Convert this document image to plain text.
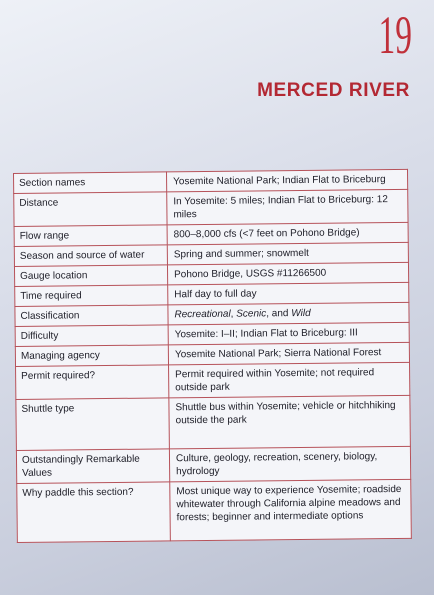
19
MERCED RIVER
Section names	Yosemite National Park; Indian Flat to Briceburg
Distance	In Yosemite: 5 miles; Indian Flat to Briceburg: 12 miles
Flow range	800–8,000 cfs (<7 feet on Pohono Bridge)
Season and source of water	Spring and summer; snowmelt
Gauge location	Pohono Bridge, USGS #11266500
Time required	Half day to full day
Classification	Recreational, Scenic, and Wild
Difficulty	Yosemite: I–II; Indian Flat to Briceburg: III
Managing agency	Yosemite National Park; Sierra National Forest
Permit required?	Permit required within Yosemite; not required outside park
Shuttle type	Shuttle bus within Yosemite; vehicle or hitchhiking outside the park
Outstandingly Remarkable Values	Culture, geology, recreation, scenery, biology, hydrology
Why paddle this section?	Most unique way to experience Yosemite; roadside whitewater through California alpine meadows and forests; beginner and intermediate options
